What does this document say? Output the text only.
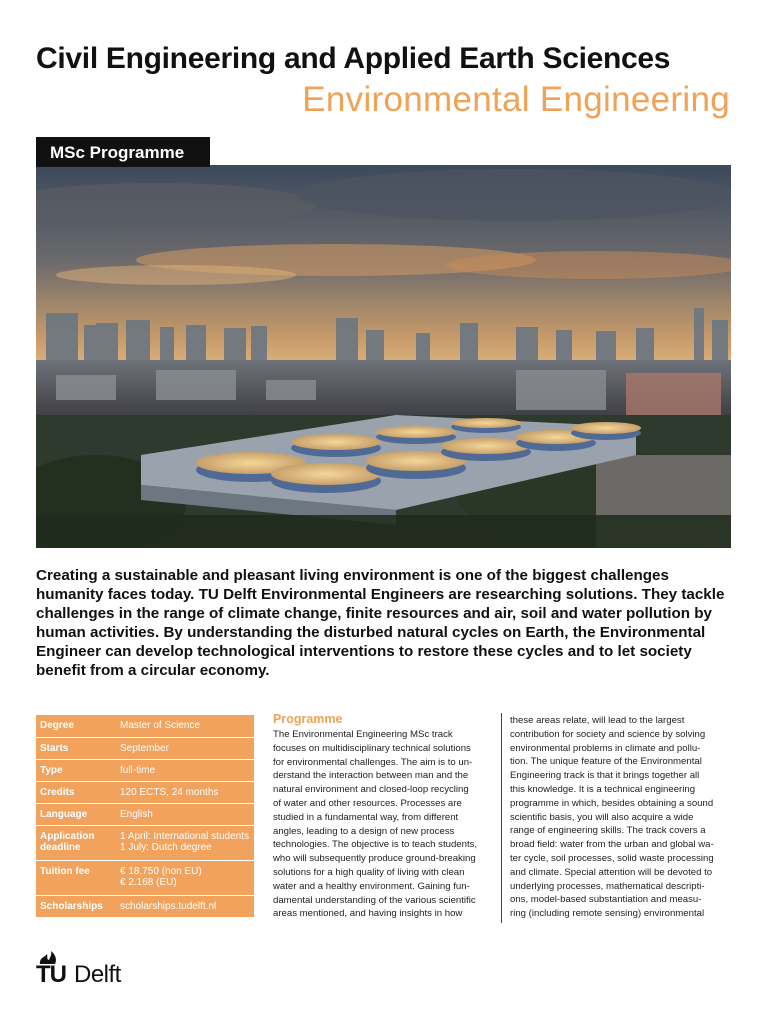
Civil Engineering and Applied Earth Sciences
Environmental Engineering
MSc Programme
Creating a sustainable and pleasant living environment is one of the biggest challenges humanity faces today. TU Delft Environmental Engineers are researching solutions. They tackle challenges in the range of climate change, finite resources and air, soil and water pollution by human activities. By understanding the disturbed natural cycles on Earth, the Environmental Engineer can develop technological interventions to restore these cycles and to let society benefit from a circular economy.
Degree	Master of Science
Starts	September
Type	full-time
Credits	120 ECTS, 24 months
Language	English
Application deadline	1 April: International students
1 July: Dutch degree

Tuition fee	€ 18.750 (non EU)
€ 2.168 (EU)

Scholarships	scholarships.tudelft.nl
Programme
The Environmental Engineering MSc track
focuses on multidisciplinary technical solutions
for environmental challenges. The aim is to un-
derstand the interaction between man and the
natural environment and closed-loop recycling
of water and other resources. Processes are
studied in a fundamental way, from different
angles, leading to a design of new process
technologies. The objective is to teach students,
who will subsequently produce ground-breaking
solutions for a high quality of living with clean
water and a healthy environment. Gaining fun-
damental understanding of the various scientific
areas mentioned, and having insights in how
these areas relate, will lead to the largest
contribution for society and science by solving
environmental problems in climate and pollu-
tion. The unique feature of the Environmental
Engineering track is that it brings together all
this knowledge. It is a technical engineering
programme in which, besides obtaining a sound
scientific basis, you will also acquire a wide
range of engineering skills. The track covers a
broad field: water from the urban and global wa-
ter cycle, soil processes, solid waste processing
and climate. Special attention will be devoted to
underlying processes, mathematical descripti-
ons, model-based substantiation and measu-
ring (including remote sensing) environmental
TU Delft
